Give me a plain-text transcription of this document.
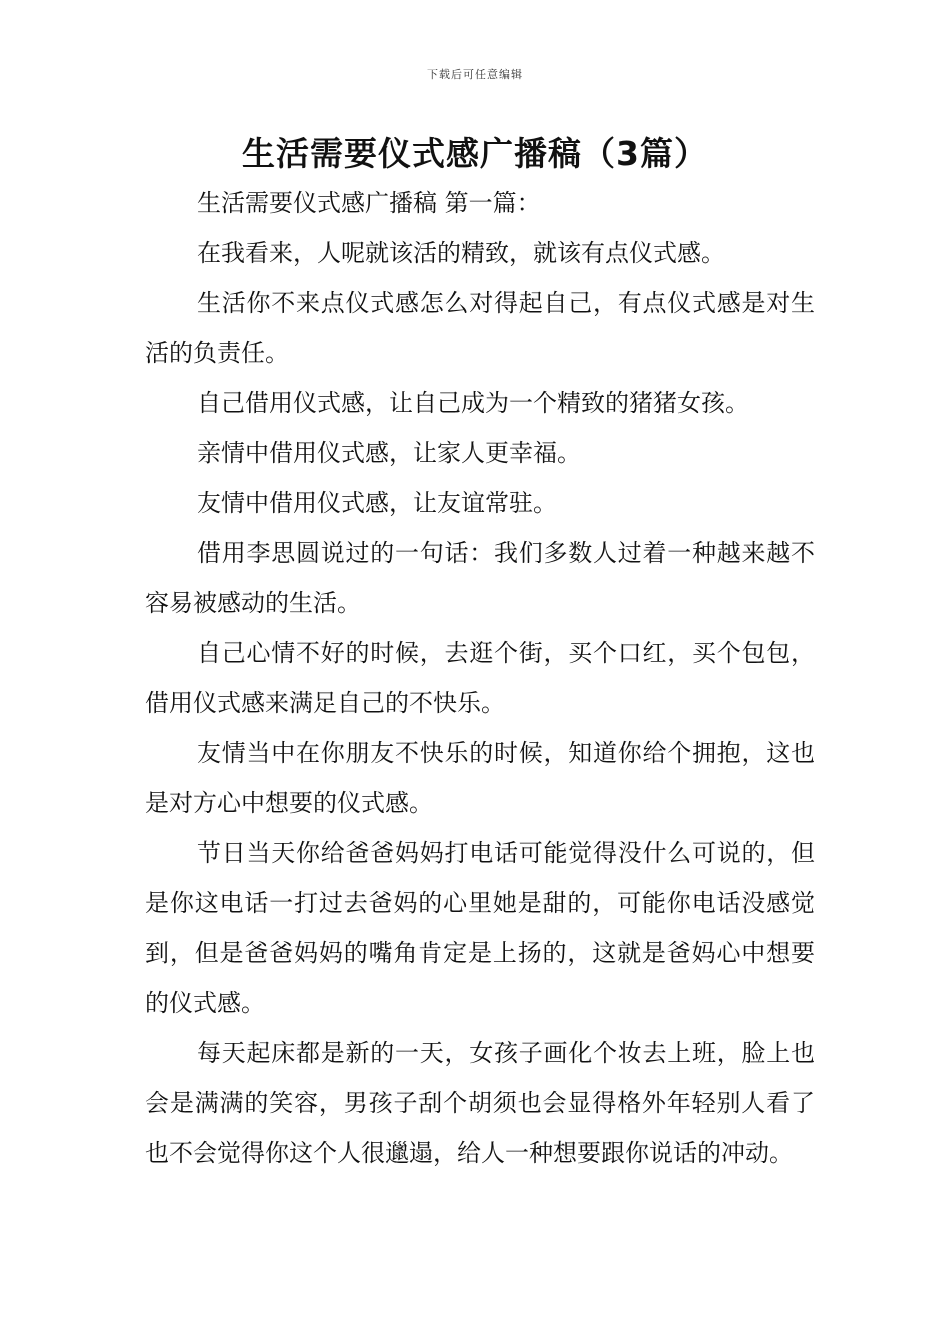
下载后可任意编辑
生活需要仪式感广播稿（3篇）

生活需要仪式感广播稿 第一篇：

在我看来，人呢就该活的精致，就该有点仪式感。

生活你不来点仪式感怎么对得起自己，有点仪式感是对生活的负责任。

自己借用仪式感，让自己成为一个精致的猪猪女孩。

亲情中借用仪式感，让家人更幸福。

友情中借用仪式感，让友谊常驻。

借用李思圆说过的一句话：我们多数人过着一种越来越不容易被感动的生活。

自己心情不好的时候，去逛个街，买个口红，买个包包，借用仪式感来满足自己的不快乐。

友情当中在你朋友不快乐的时候，知道你给个拥抱，这也是对方心中想要的仪式感。

节日当天你给爸爸妈妈打电话可能觉得没什么可说的，但是你这电话一打过去爸妈的心里她是甜的，可能你电话没感觉到，但是爸爸妈妈的嘴角肯定是上扬的，这就是爸妈心中想要的仪式感。

每天起床都是新的一天，女孩子画化个妆去上班，脸上也会是满满的笑容，男孩子刮个胡须也会显得格外年轻别人看了也不会觉得你这个人很邋遢，给人一种想要跟你说话的冲动。
